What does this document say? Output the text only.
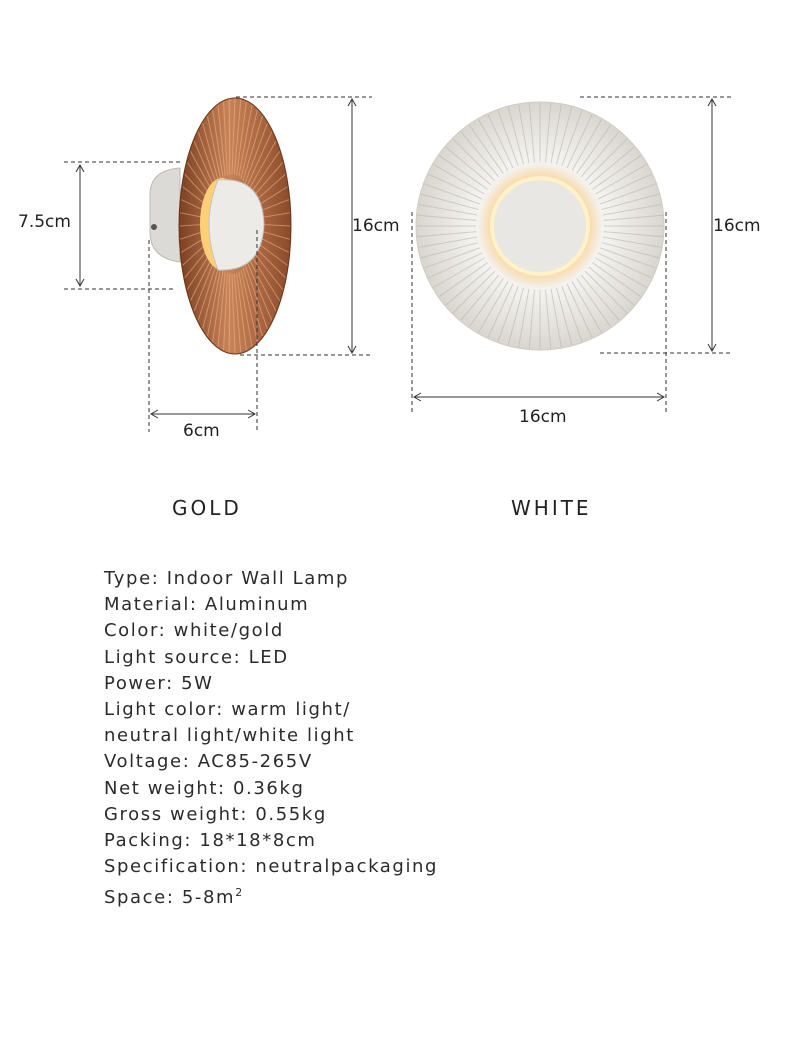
7.5cm	16cm
6cm
16cm
16cm
GOLD	WHITE
Type: Indoor Wall Lamp
Material: Aluminum
Color: white/gold
Light source: LED
Power: 5W
Light color: warm light/
neutral light/white light
Voltage: AC85-265V
Net weight: 0.36kg
Gross weight: 0.55kg
Packing: 18*18*8cm
Specification: neutralpackaging
Space: $5-8m^2$
